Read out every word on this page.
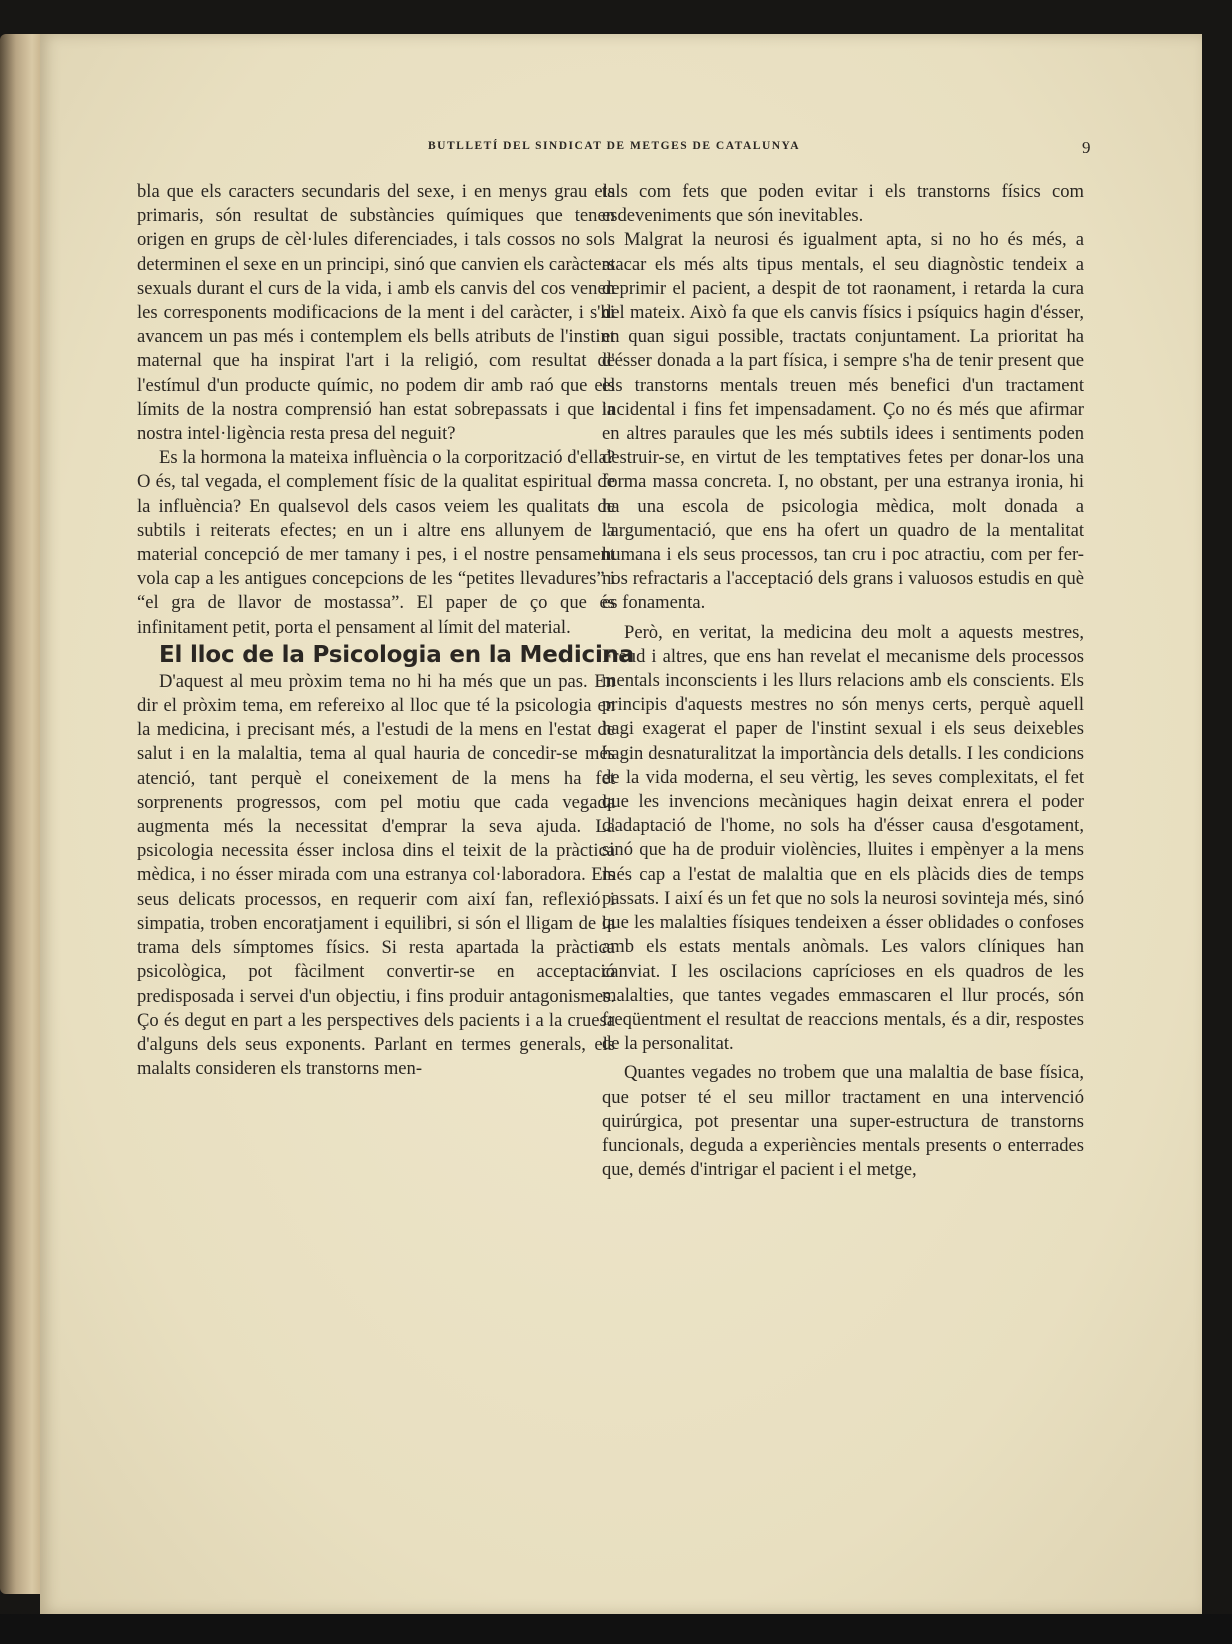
BUTLLETÍ DEL SINDICAT DE METGES DE CATALUNYA	9

bla que els caracters secundaris del sexe, i en menys grau els primaris, són resultat de substàncies químiques que tenen origen en grups de cèl·lules diferenciades, i tals cossos no sols determinen el sexe en un principi, sinó que canvien els caràcters sexuals durant el curs de la vida, i amb els canvis del cos venen les corresponents modificacions de la ment i del caràcter, i s'hi avancem un pas més i contemplem els bells atributs de l'instint maternal que ha inspirat l'art i la religió, com resultat de l'estímul d'un producte químic, no podem dir amb raó que els límits de la nostra comprensió han estat sobrepassats i que la nostra intel·ligència resta presa del neguit?

Es la hormona la mateixa influència o la corporització d'ella? O és, tal vegada, el complement físic de la qualitat espiritual de la influència? En qualsevol dels casos veiem les qualitats de subtils i reiterats efectes; en un i altre ens allunyem de la material concepció de mer tamany i pes, i el nostre pensament vola cap a les antigues concepcions de les “petites llevadures” i “el gra de llavor de mostassa”. El paper de ço que és infinitament petit, porta el pensament al límit del material.

El lloc de la Psicologia en la Medicina

D'aquest al meu pròxim tema no hi ha més que un pas. En dir el pròxim tema, em refereixo al lloc que té la psicologia en la medicina, i precisant més, a l'estudi de la mens en l'estat de salut i en la malaltia, tema al qual hauria de concedir-se més atenció, tant perquè el coneixement de la mens ha fet sorprenents progressos, com pel motiu que cada vegada augmenta més la necessitat d'emprar la seva ajuda. La psicologia necessita ésser inclosa dins el teixit de la pràctica mèdica, i no ésser mirada com una estranya col·laboradora. Els seus delicats processos, en requerir com així fan, reflexió i simpatia, troben encoratjament i equilibri, si són el lligam de la trama dels símptomes físics. Si resta apartada la pràctica psicològica, pot fàcilment convertir-se en acceptació predisposada i servei d'un objectiu, i fins produir antagonismes. Ço és degut en part a les perspectives dels pacients i a la cruesa d'alguns dels seus exponents. Parlant en termes generals, els malalts consideren els transtorns men-

tals com fets que poden evitar i els transtorns físics com esdeveniments que són inevitables.

Malgrat la neurosi és igualment apta, si no ho és més, a atacar els més alts tipus mentals, el seu diagnòstic tendeix a deprimir el pacient, a despit de tot raonament, i retarda la cura del mateix. Això fa que els canvis físics i psíquics hagin d'ésser, en quan sigui possible, tractats conjuntament. La prioritat ha d'ésser donada a la part física, i sempre s'ha de tenir present que els transtorns mentals treuen més benefici d'un tractament incidental i fins fet impensadament. Ço no és més que afirmar en altres paraules que les més subtils idees i sentiments poden destruir-se, en virtut de les temptatives fetes per donar-los una forma massa concreta. I, no obstant, per una estranya ironia, hi ha una escola de psicologia mèdica, molt donada a l'argumentació, que ens ha ofert un quadro de la mentalitat humana i els seus processos, tan cru i poc atractiu, com per fer-nos refractaris a l'acceptació dels grans i valuosos estudis en què es fonamenta.

Però, en veritat, la medicina deu molt a aquests mestres, Freud i altres, que ens han revelat el mecanisme dels processos mentals inconscients i les llurs relacions amb els conscients. Els principis d'aquests mestres no són menys certs, perquè aquell hagi exagerat el paper de l'instint sexual i els seus deixebles hagin desnaturalitzat la importància dels detalls. I les condicions de la vida moderna, el seu vèrtig, les seves complexitats, el fet que les invencions mecàniques hagin deixat enrera el poder d'adaptació de l'home, no sols ha d'ésser causa d'esgotament, sinó que ha de produir violències, lluites i empènyer a la mens més cap a l'estat de malaltia que en els plàcids dies de temps passats. I així és un fet que no sols la neurosi sovinteja més, sinó que les malalties físiques tendeixen a ésser oblidades o confoses amb els estats mentals anòmals. Les valors clíniques han canviat. I les oscilacions caprícioses en els quadros de les malalties, que tantes vegades emmascaren el llur procés, són freqüentment el resultat de reaccions mentals, és a dir, respostes de la personalitat.

Quantes vegades no trobem que una malaltia de base física, que potser té el seu millor tractament en una intervenció quirúrgica, pot presentar una super-estructura de transtorns funcionals, deguda a experiències mentals presents o enterrades que, demés d'intrigar el pacient i el metge,
